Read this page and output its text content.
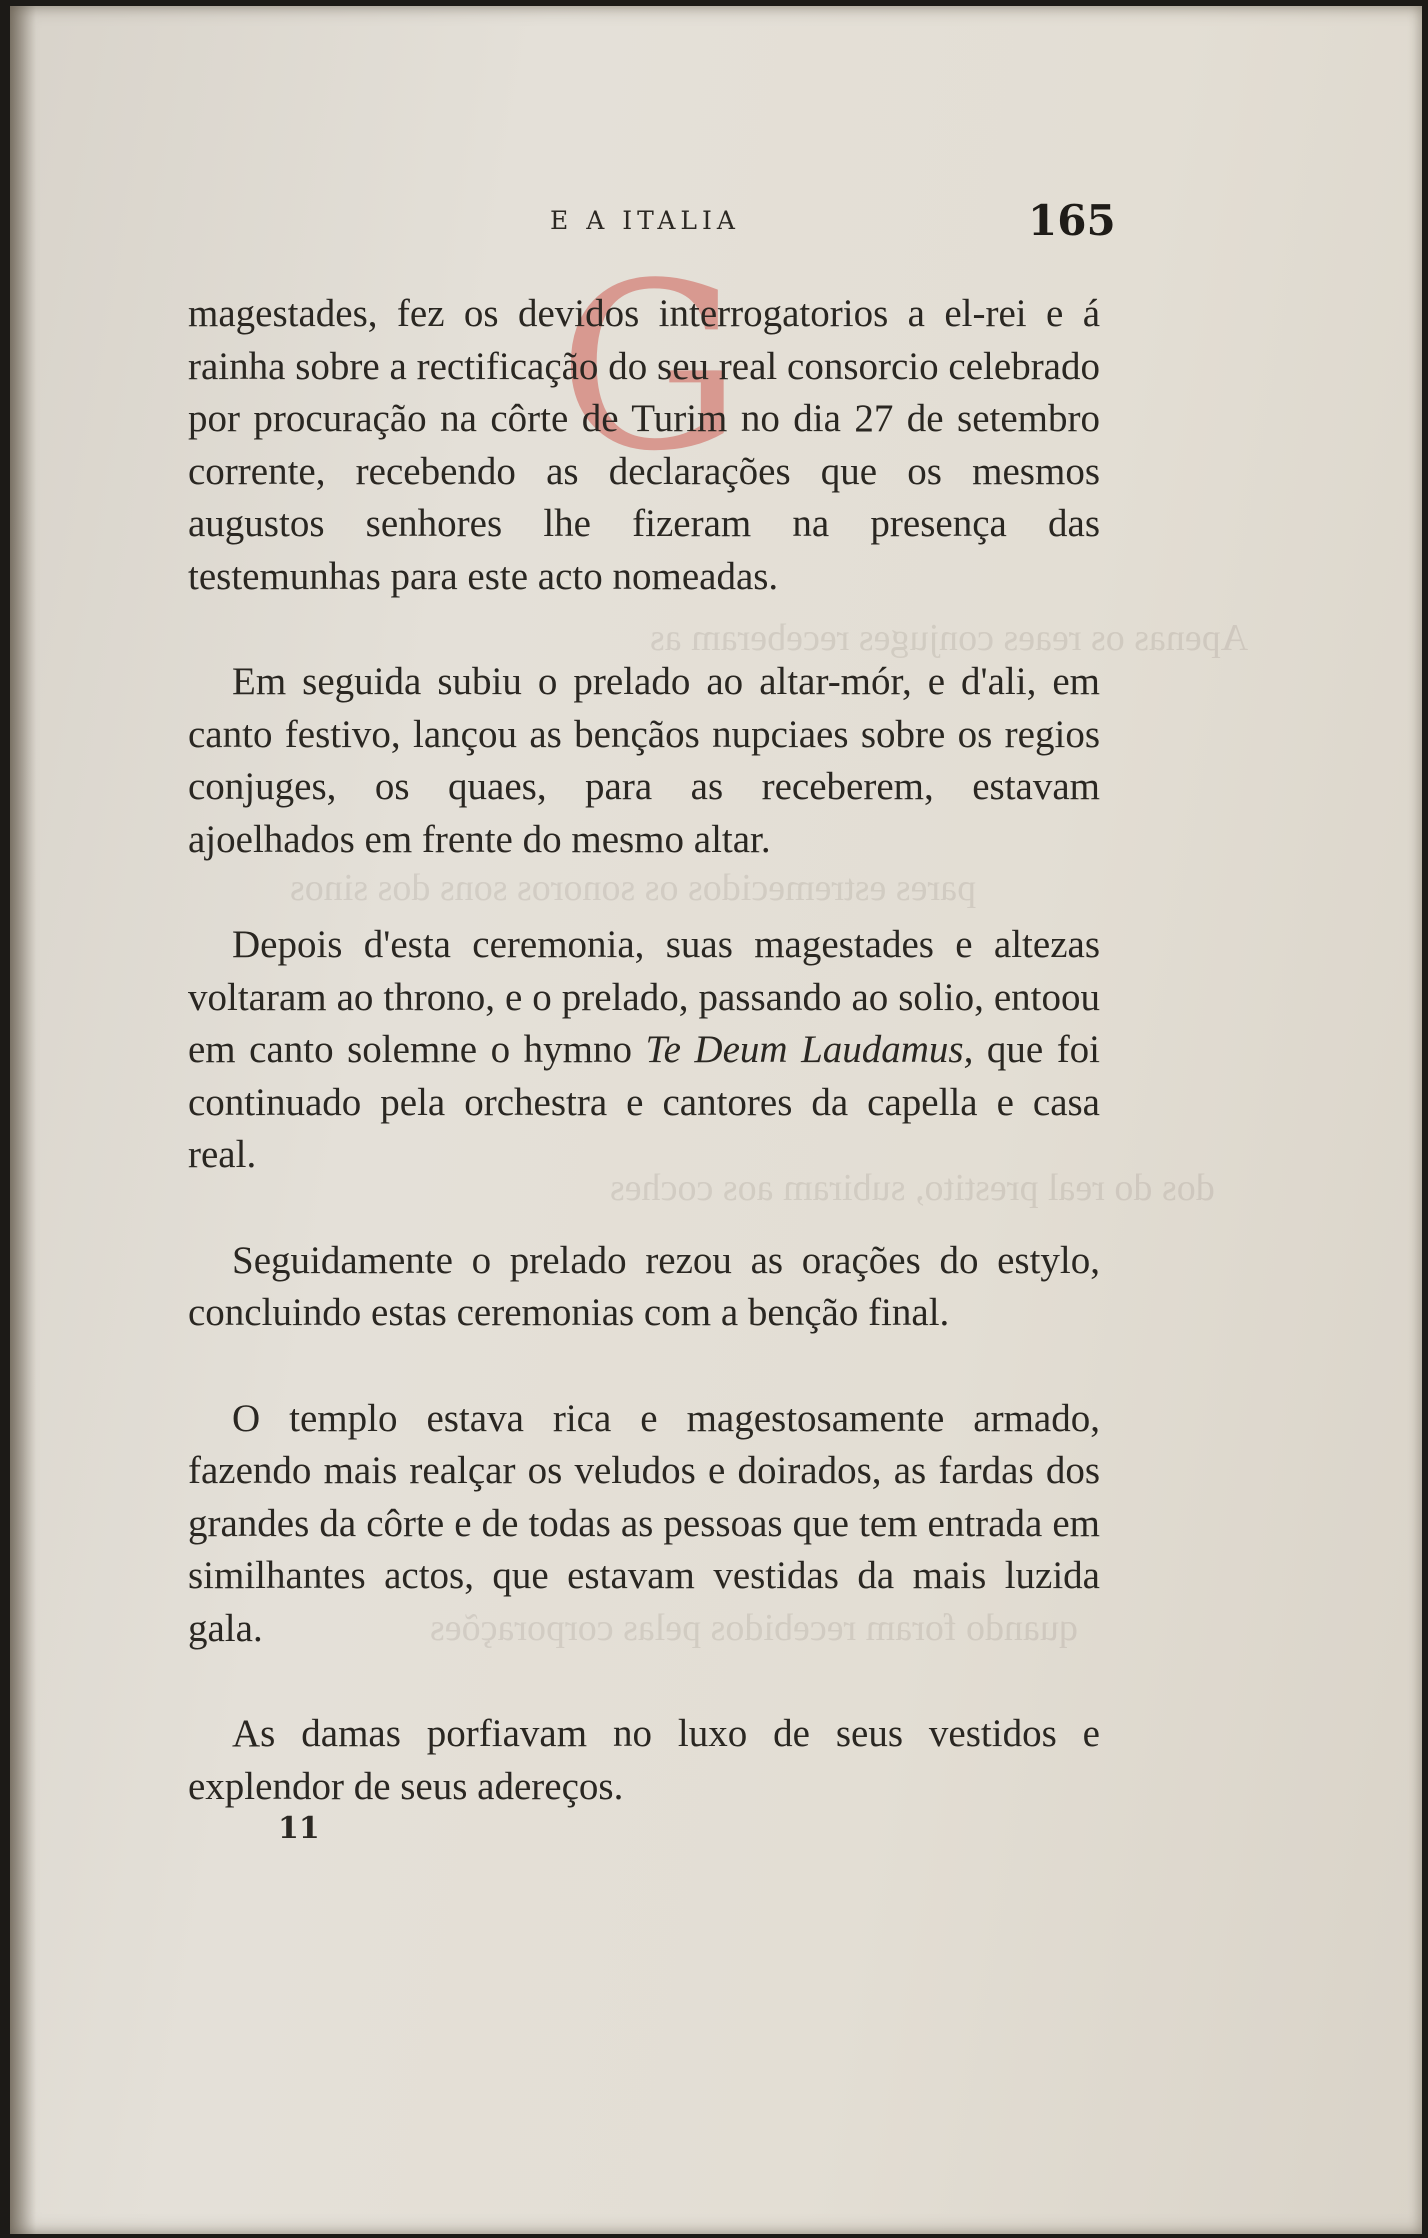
Apenas os reaes conjuges receberam as
pares estremecidos os sonoros sons dos sinos
dos do real prestito, subiram aos coches
quando foram recebidos pelas corporações
E A ITALIA	165
G

magestades, fez os devidos interrogatorios a el-rei e á rainha sobre a rectificação do seu real consorcio celebrado por procuração na côrte de Turim no dia 27 de setembro corrente, recebendo as declarações que os mesmos augustos senhores lhe fizeram na presença das testemunhas para este acto nomeadas.

Em seguida subiu o prelado ao altar-mór, e d'ali, em canto festivo, lançou as bençãos nupciaes sobre os regios conjuges, os quaes, para as receberem, estavam ajoelhados em frente do mesmo altar.

Depois d'esta ceremonia, suas magestades e altezas voltaram ao throno, e o prelado, passando ao solio, entoou em canto solemne o hymno Te Deum Laudamus, que foi continuado pela orchestra e cantores da capella e casa real.

Seguidamente o prelado rezou as orações do estylo, concluindo estas ceremonias com a benção final.

O templo estava rica e magestosamente armado, fazendo mais realçar os veludos e doirados, as fardas dos grandes da côrte e de todas as pessoas que tem entrada em similhantes actos, que estavam vestidas da mais luzida gala.

As damas porfiavam no luxo de seus vestidos e explendor de seus adereços.

11
